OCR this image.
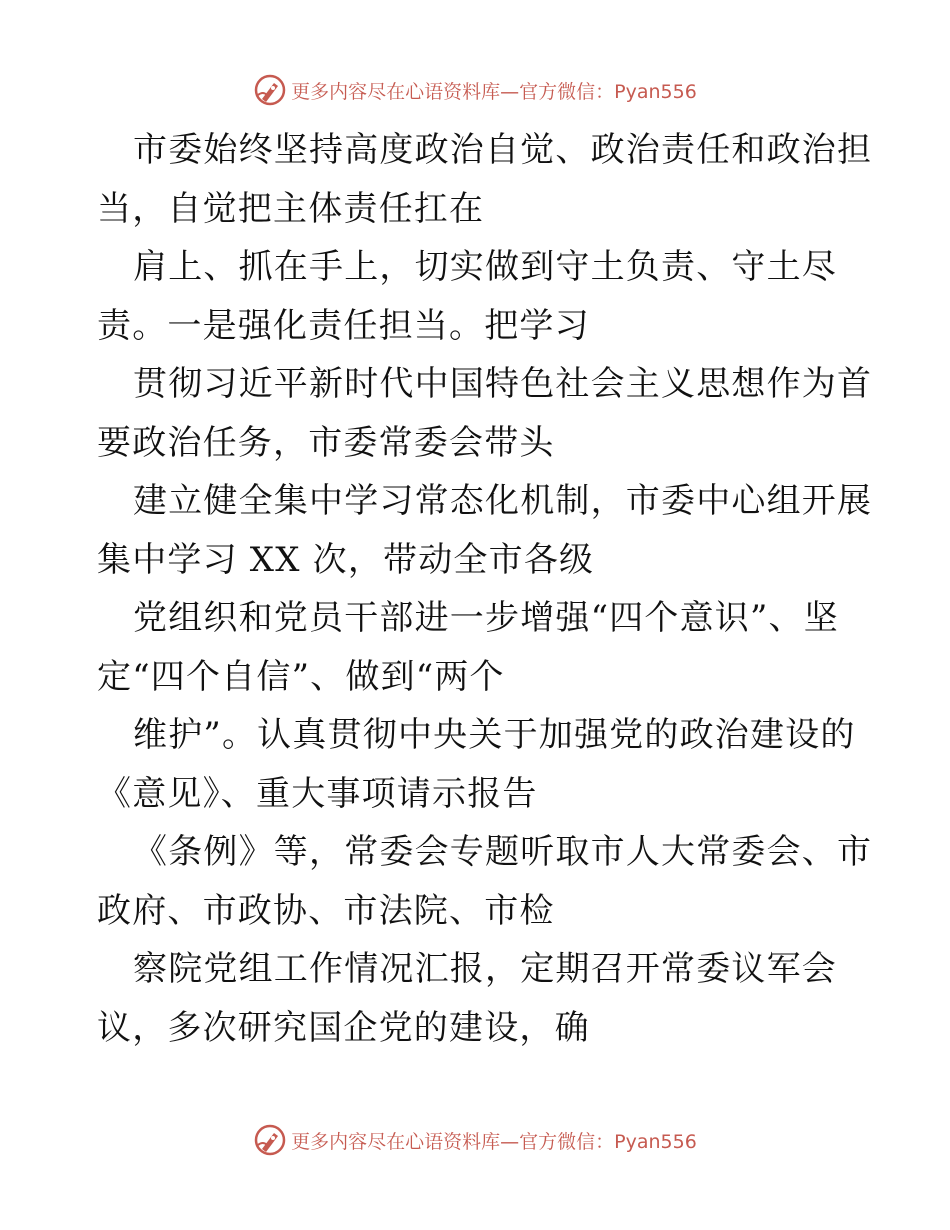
更多内容尽在心语资料库—官方微信：Pyan556
市委始终坚持高度政治自觉、政治责任和政治担
当，自觉把主体责任扛在
肩上、抓在手上，切实做到守土负责、守土尽
责。一是强化责任担当。把学习
贯彻习近平新时代中国特色社会主义思想作为首
要政治任务，市委常委会带头
建立健全集中学习常态化机制，市委中心组开展
集中学习 XX 次，带动全市各级
党组织和党员干部进一步增强“四个意识”、坚
定“四个自信”、做到“两个
维护”。认真贯彻中央关于加强党的政治建设的
《意见》、重大事项请示报告
《条例》等，常委会专题听取市人大常委会、市
政府、市政协、市法院、市检
察院党组工作情况汇报，定期召开常委议军会
议，多次研究国企党的建设，确
更多内容尽在心语资料库—官方微信：Pyan556
